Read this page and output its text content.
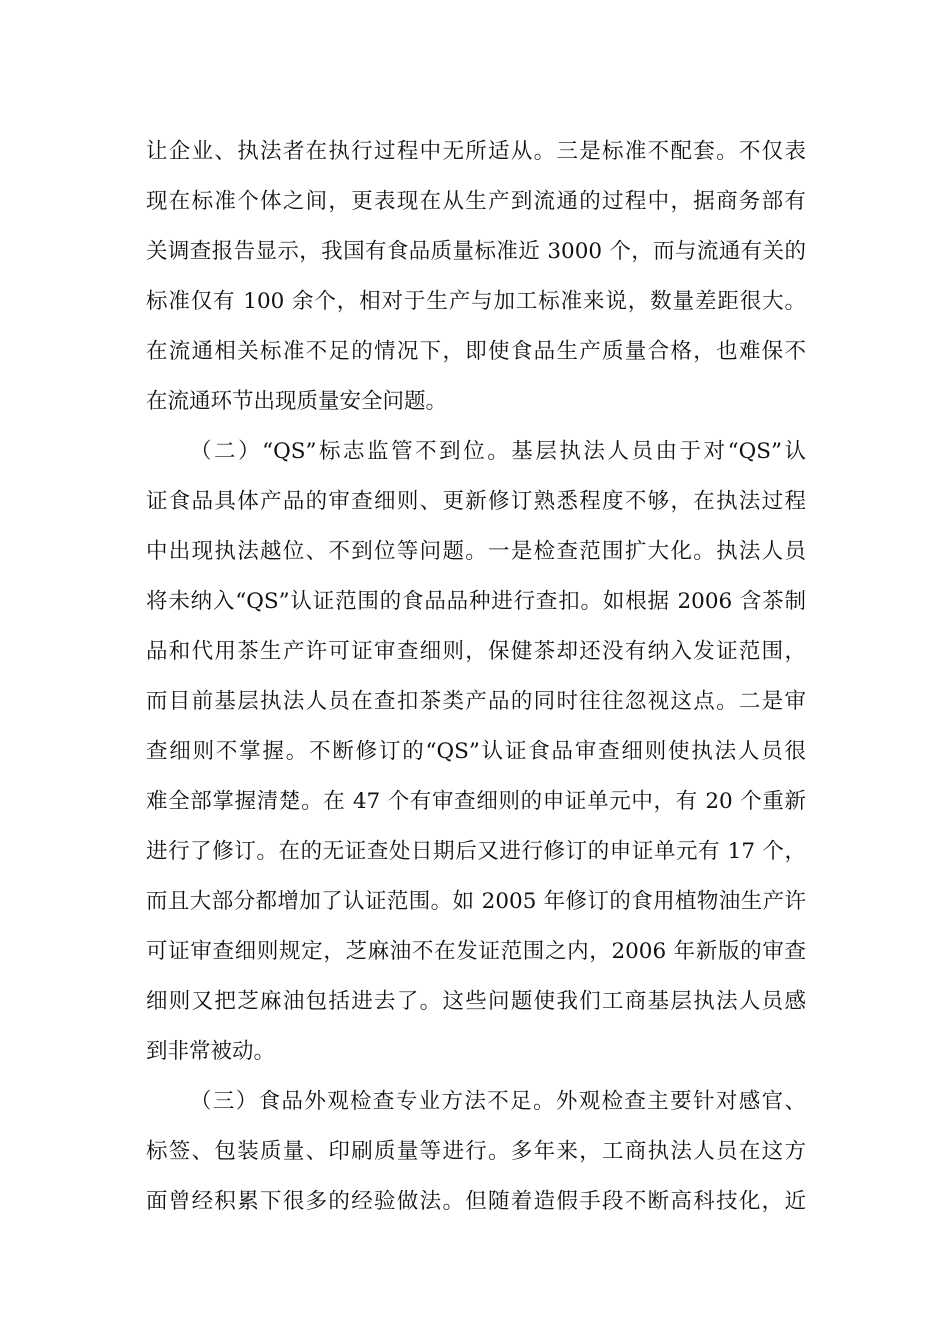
让企业、执法者在执行过程中无所适从。三是标准不配套。不仅表
现在标准个体之间，更表现在从生产到流通的过程中，据商务部有
关调查报告显示，我国有食品质量标准近 3000 个，而与流通有关的
标准仅有 100 余个，相对于生产与加工标准来说，数量差距很大。
在流通相关标准不足的情况下，即使食品生产质量合格，也难保不
在流通环节出现质量安全问题。
（二）“QS”标志监管不到位。基层执法人员由于对“QS”认
证食品具体产品的审查细则、更新修订熟悉程度不够，在执法过程
中出现执法越位、不到位等问题。一是检查范围扩大化。执法人员
将未纳入“QS”认证范围的食品品种进行查扣。如根据 2006 含茶制
品和代用茶生产许可证审查细则，保健茶却还没有纳入发证范围，
而目前基层执法人员在查扣茶类产品的同时往往忽视这点。二是审
查细则不掌握。不断修订的“QS”认证食品审查细则使执法人员很
难全部掌握清楚。在 47 个有审查细则的申证单元中，有 20 个重新
进行了修订。在的无证查处日期后又进行修订的申证单元有 17 个，
而且大部分都增加了认证范围。如 2005 年修订的食用植物油生产许
可证审查细则规定，芝麻油不在发证范围之内，2006 年新版的审查
细则又把芝麻油包括进去了。这些问题使我们工商基层执法人员感
到非常被动。
（三）食品外观检查专业方法不足。外观检查主要针对感官、
标签、包装质量、印刷质量等进行。多年来，工商执法人员在这方
面曾经积累下很多的经验做法。但随着造假手段不断高科技化，近
